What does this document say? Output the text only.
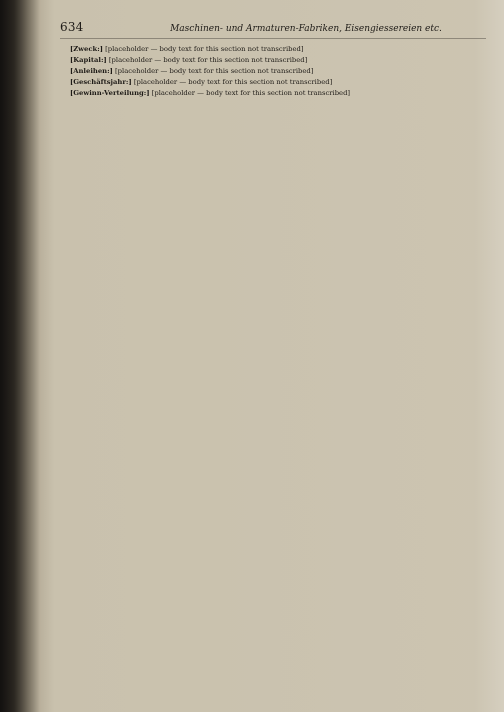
634	Maschinen- und Armaturen-Fabriken, Eisengiessereien etc.

[Zweck:] [placeholder — body text for this section not transcribed]

[Kapital:] [placeholder — body text for this section not transcribed]

[Anleihen:] [placeholder — body text for this section not transcribed]

[Geschäftsjahr:] [placeholder — body text for this section not transcribed]

[Gewinn-Verteilung:] [placeholder — body text for this section not transcribed]
